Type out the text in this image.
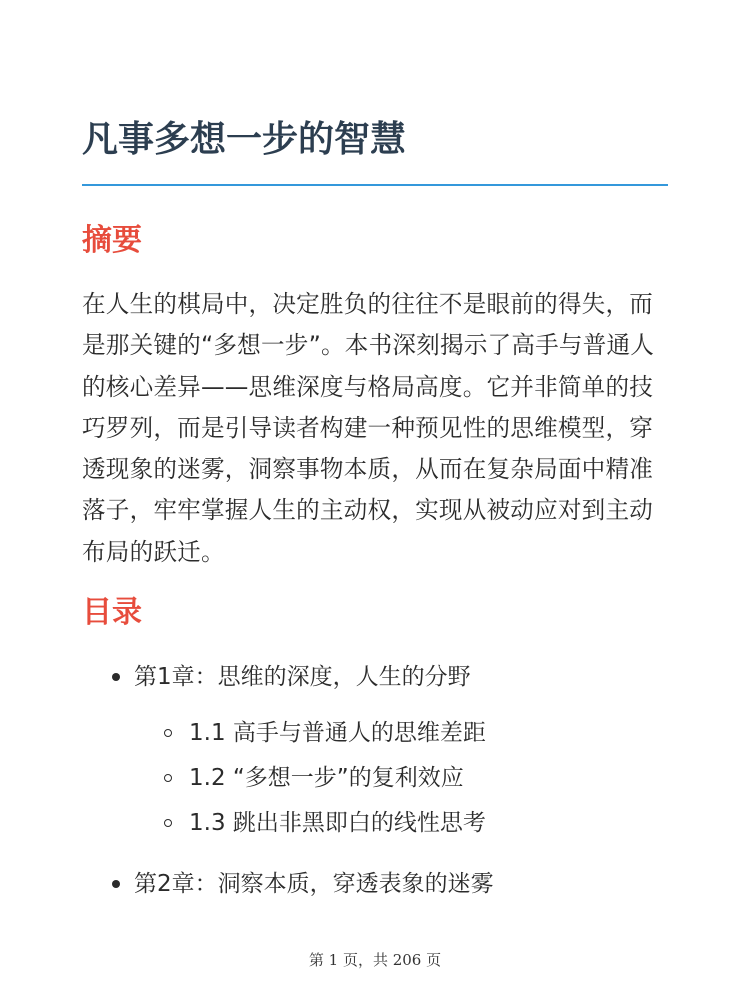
凡事多想一步的智慧
摘要

在人生的棋局中，决定胜负的往往不是眼前的得失，而是那关键的“多想一步”。本书深刻揭示了高手与普通人的核心差异——思维深度与格局高度。它并非简单的技巧罗列，而是引导读者构建一种预见性的思维模型，穿透现象的迷雾，洞察事物本质，从而在复杂局面中精准落子，牢牢掌握人生的主动权，实现从被动应对到主动布局的跃迁。

目录
第1章：思维的深度，人生的分野
1.1 高手与普通人的思维差距
1.2 “多想一步”的复利效应
1.3 跳出非黑即白的线性思考
第2章：洞察本质，穿透表象的迷雾
第 1 页，共 206 页
